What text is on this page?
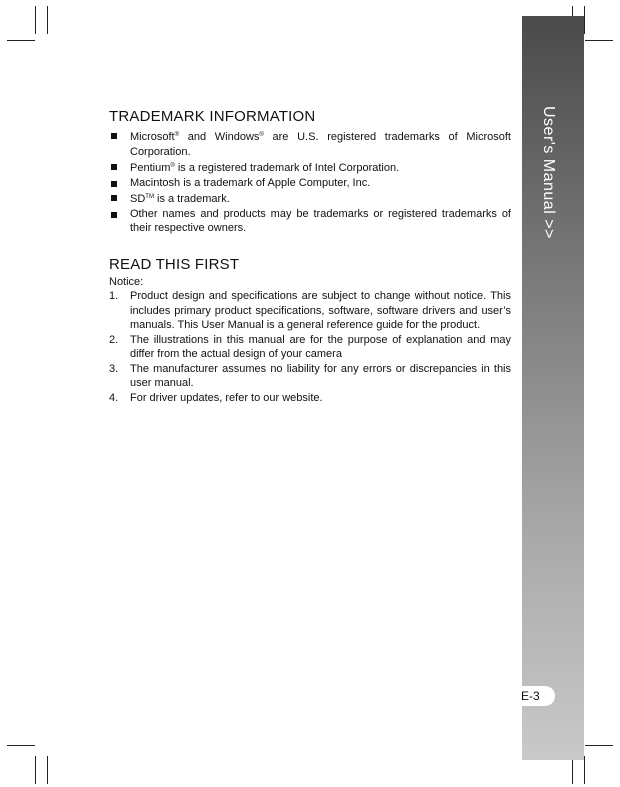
User's Manual >>
E-3
TRADEMARK INFORMATION
Microsoft® and Windows® are U.S. registered trademarks of Microsoft Corporation.
Pentium® is a registered trademark of Intel Corporation.
Macintosh is a trademark of Apple Computer, Inc.
SD™ is a trademark.
Other names and products may be trademarks or registered trademarks of their respective owners.
READ THIS FIRST
Notice:
1. Product design and specifications are subject to change without notice. This includes primary product specifications, software, software drivers and user’s manuals. This User Manual is a general reference guide for the product.
2. The illustrations in this manual are for the purpose of explanation and may differ from the actual design of your camera
3. The manufacturer assumes no liability for any errors or discrepancies in this user manual.
4. For driver updates, refer to our website.
